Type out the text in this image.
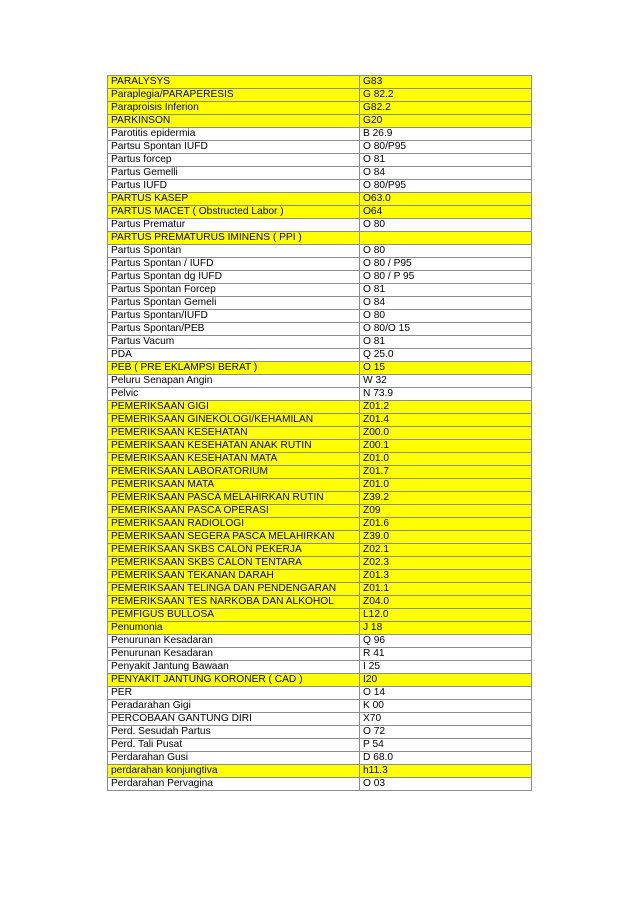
PARALYSYS	G83
Paraplegia/PARAPERESIS	G 82.2
Paraproisis Inferion	G82.2
PARKINSON	G20
Parotitis epidermia	B 26.9
Partsu Spontan IUFD	O 80/P95
Partus forcep	O 81
Partus Gemelli	O 84
Partus IUFD	O 80/P95
PARTUS KASEP	O63.0
PARTUS MACET ( Obstructed Labor )	O64
Partus Prematur	O 80
PARTUS PREMATURUS IMINENS ( PPI )	
Partus Spontan	O 80
Partus Spontan / IUFD	O 80 / P95
Partus Spontan dg IUFD	O 80 / P 95
Partus Spontan Forcep	O 81
Partus Spontan Gemeli	O 84
Partus Spontan/IUFD	O 80
Partus Spontan/PEB	O 80/O 15
Partus Vacum	O 81
PDA	Q 25.0
PEB ( PRE EKLAMPSI BERAT )	O 15
Peluru Senapan Angin	W 32
Pelvic	N 73.9
PEMERIKSAAN GIGI	Z01.2
PEMERIKSAAN GINEKOLOGI/KEHAMILAN	Z01.4
PEMERIKSAAN KESEHATAN	Z00.0
PEMERIKSAAN KESEHATAN ANAK RUTIN	Z00.1
PEMERIKSAAN KESEHATAN MATA	Z01.0
PEMERIKSAAN LABORATORIUM	Z01.7
PEMERIKSAAN MATA	Z01.0
PEMERIKSAAN PASCA MELAHIRKAN RUTIN	Z39.2
PEMERIKSAAN PASCA OPERASI	Z09
PEMERIKSAAN RADIOLOGI	Z01.6
PEMERIKSAAN SEGERA PASCA MELAHIRKAN	Z39.0
PEMERIKSAAN SKBS CALON PEKERJA	Z02.1
PEMERIKSAAN SKBS CALON TENTARA	Z02.3
PEMERIKSAAN TEKANAN DARAH	Z01.3
PEMERIKSAAN TELINGA DAN PENDENGARAN	Z01.1
PEMERIKSAAN TES NARKOBA DAN ALKOHOL	Z04.0
PEMFIGUS BULLOSA	L12.0
Penumonia	J 18
Penurunan Kesadaran	Q 96
Penurunan Kesadaran	R 41
Penyakit Jantung Bawaan	I 25
PENYAKIT JANTUNG KORONER ( CAD )	I20
PER	O 14
Peradarahan Gigi	K 00
PERCOBAAN GANTUNG DIRI	X70
Perd. Sesudah Partus	O 72
Perd. Tali Pusat	P 54
Perdarahan Gusi	D 68.0
perdarahan konjungtiva	h11.3
Perdarahan Pervagina	O 03
